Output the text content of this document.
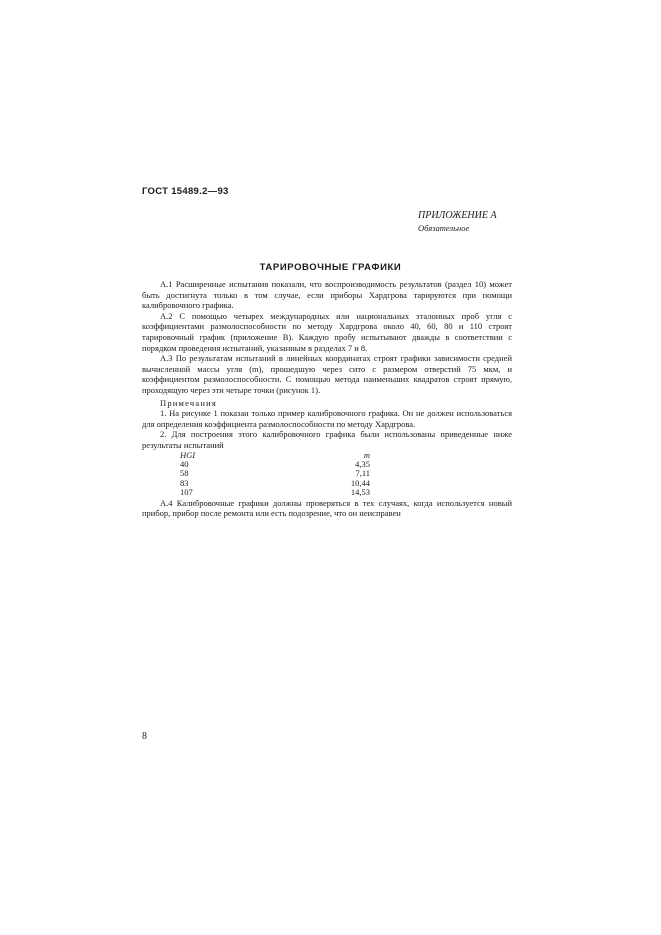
ГОСТ 15489.2—93
ПРИЛОЖЕНИЕ А
Обязательное
ТАРИРОВОЧНЫЕ ГРАФИКИ

А.1 Расширенные испытания показали, что воспроизводимость результатов (раздел 10) может быть достигнута только в том случае, если приборы Хардгрова тарируются при помощи калибровочного графика.

А.2 С помощью четырех международных или национальных эталонных проб угля с коэффициентами размолоспособности по методу Хардгрова около 40, 60, 80 и 110 строят тарировочный график (приложение В). Каждую пробу испытывают дважды в соответствии с порядком проведения испытаний, указанным в разделах 7 и 8.

А.3 По результатам испытаний в линейных координатах строят графики зависимости средней вычисленной массы угля (m), прошедшую через сито с размером отверстий 75 мкм, и коэффициентом размолоспособности. С помощью метода наименьших квадратов строят прямую, проходящую через эти четыре точки (рисунок 1).

Примечания

1. На рисунке 1 показан только пример калибровочного графика. Он не должен использоваться для определения коэффициента размолоспособности по методу Хардгрова.

2. Для построения этого калибровочного графика были использованы приведенные ниже результаты испытаний

HGI	m
40	4,35
58	7,11
83	10,44
107	14,53

А.4 Калибровочные графики должны проверяться в тех случаях, когда используется новый прибор, прибор после ремонта или есть подозрение, что он неисправен

8
